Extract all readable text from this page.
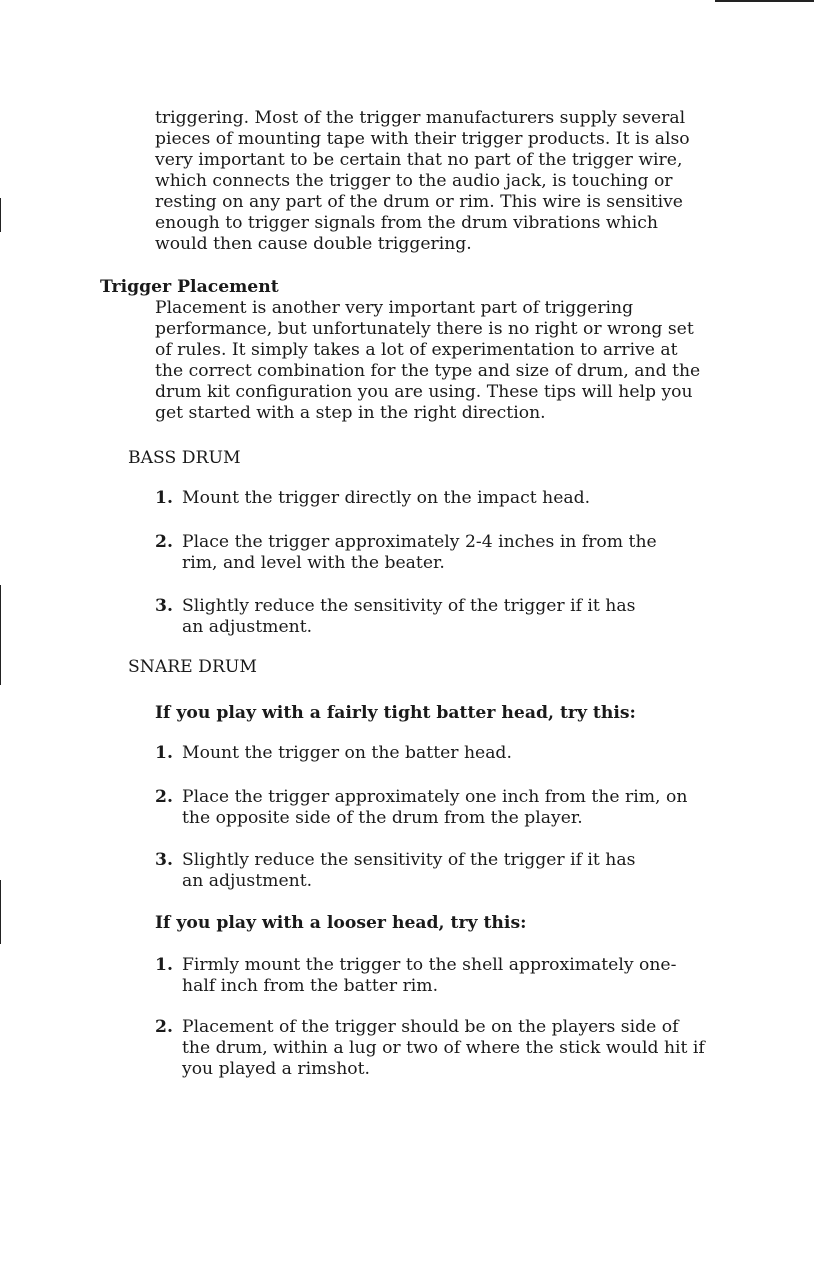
triggering. Most of the trigger manufacturers supply several pieces of mounting tape with their trigger products. It is also very important to be certain that no part of the trigger wire, which connects the trigger to the audio jack, is touching or resting on any part of the drum or rim. This wire is sensitive enough to trigger signals from the drum vibrations which would then cause double triggering.

Trigger Placement

Placement is another very important part of triggering performance, but unfortunately there is no right or wrong set of rules. It simply takes a lot of experimentation to arrive at the correct combination for the type and size of drum, and the drum kit configuration you are using. These tips will help you get started with a step in the right direction.

BASS DRUM

1. Mount the trigger directly on the impact head.
2. Place the trigger approximately 2-4 inches in from the rim, and level with the beater.
3. Slightly reduce the sensitivity of the trigger if it has an adjustment.

SNARE DRUM

If you play with a fairly tight batter head, try this:

1. Mount the trigger on the batter head.
2. Place the trigger approximately one inch from the rim, on the opposite side of the drum from the player.
3. Slightly reduce the sensitivity of the trigger if it has an adjustment.

If you play with a looser head, try this:

1. Firmly mount the trigger to the shell approximately one-half inch from the batter rim.
2. Placement of the trigger should be on the players side of the drum, within a lug or two of where the stick would hit if you played a rimshot.
